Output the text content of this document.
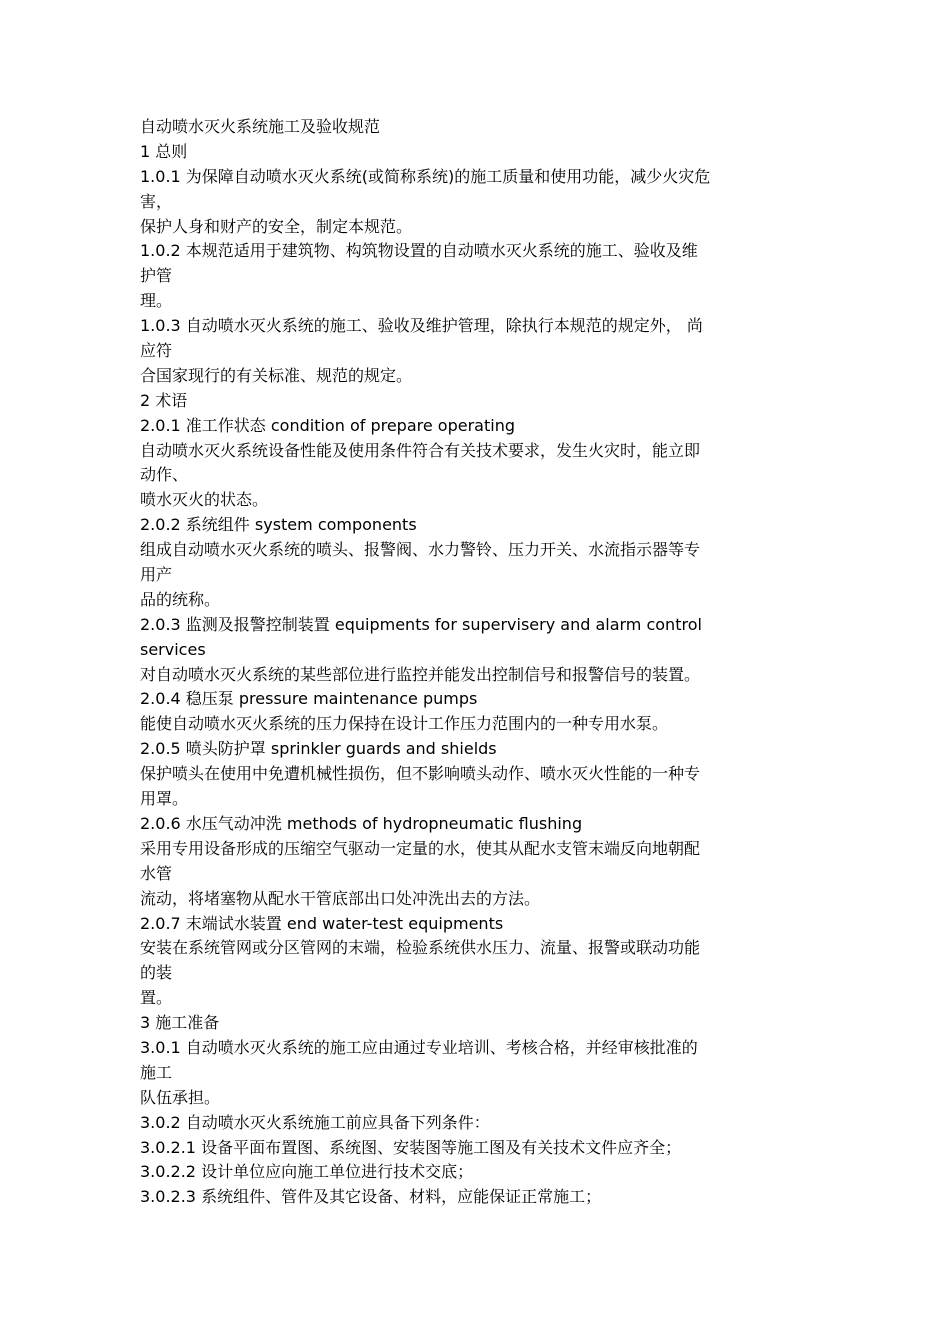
自动喷水灭火系统施工及验收规范
1 总则
1.0.1 为保障自动喷水灭火系统(或简称系统)的施工质量和使用功能，减少火灾危
害，
保护人身和财产的安全，制定本规范。
1.0.2 本规范适用于建筑物、构筑物设置的自动喷水灭火系统的施工、验收及维
护管
理。
1.0.3 自动喷水灭火系统的施工、验收及维护管理，除执行本规范的规定外， 尚
应符
合国家现行的有关标准、规范的规定。
2 术语
2.0.1 准工作状态 condition of prepare operating
自动喷水灭火系统设备性能及使用条件符合有关技术要求，发生火灾时，能立即
动作、
喷水灭火的状态。
2.0.2 系统组件 system components
组成自动喷水灭火系统的喷头、报警阀、水力警铃、压力开关、水流指示器等专
用产
品的统称。
2.0.3 监测及报警控制装置 equipments for supervisery and alarm control
services
对自动喷水灭火系统的某些部位进行监控并能发出控制信号和报警信号的装置。
2.0.4 稳压泵 pressure maintenance pumps
能使自动喷水灭火系统的压力保持在设计工作压力范围内的一种专用水泵。
2.0.5 喷头防护罩 sprinkler guards and shields
保护喷头在使用中免遭机械性损伤，但不影响喷头动作、喷水灭火性能的一种专
用罩。
2.0.6 水压气动冲洗 methods of hydropneumatic flushing
采用专用设备形成的压缩空气驱动一定量的水，使其从配水支管末端反向地朝配
水管
流动，将堵塞物从配水干管底部出口处冲洗出去的方法。
2.0.7 末端试水装置 end water-test equipments
安装在系统管网或分区管网的末端，检验系统供水压力、流量、报警或联动功能
的装
置。
3 施工准备
3.0.1 自动喷水灭火系统的施工应由通过专业培训、考核合格，并经审核批准的
施工
队伍承担。
3.0.2 自动喷水灭火系统施工前应具备下列条件：
3.0.2.1 设备平面布置图、系统图、安装图等施工图及有关技术文件应齐全；
3.0.2.2 设计单位应向施工单位进行技术交底；
3.0.2.3 系统组件、管件及其它设备、材料，应能保证正常施工；
